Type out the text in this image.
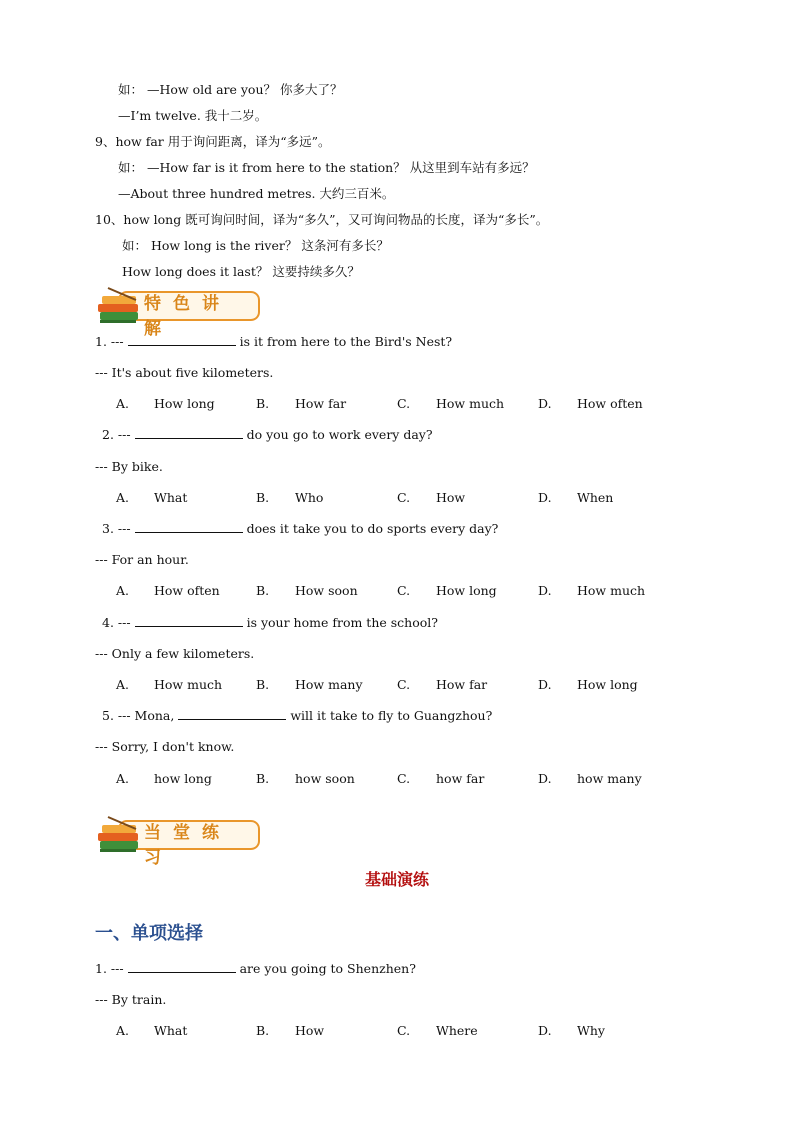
如： —How old are you？ 你多大了？
—I’m twelve. 我十二岁。
9、how far 用于询问距离，译为“多远”。
如： —How far is it from here to the station？ 从这里到车站有多远？
—About three hundred metres. 大约三百米。
10、how long 既可询问时间，译为“多久”，又可询问物品的长度，译为“多长”。
如： How long is the river？ 这条河有多长？
How long does it last？ 这要持续多久？
特色讲解
1. ---	is it from here to the Bird's Nest?
--- It's about five kilometers.
A. How long	B. How far	C. How much	D. How often
2. ---	do you go to work every day?
--- By bike.
A. What	B. Who	C. How	D. When
3. ---	does it take you to do sports every day?
--- For an hour.
A. How often	B. How soon	C. How long	D. How much
4. ---	is your home from the school?
--- Only a few kilometers.
A. How much	B. How many	C. How far	D. How long
5. --- Mona,	will it take to fly to Guangzhou?
--- Sorry, I don't know.
A. how long	B. how soon	C. how far	D. how many
当堂练习
基础演练
一、单项选择
1. ---	are you going to Shenzhen?
--- By train.
A. What	B. How	C. Where	D. Why
